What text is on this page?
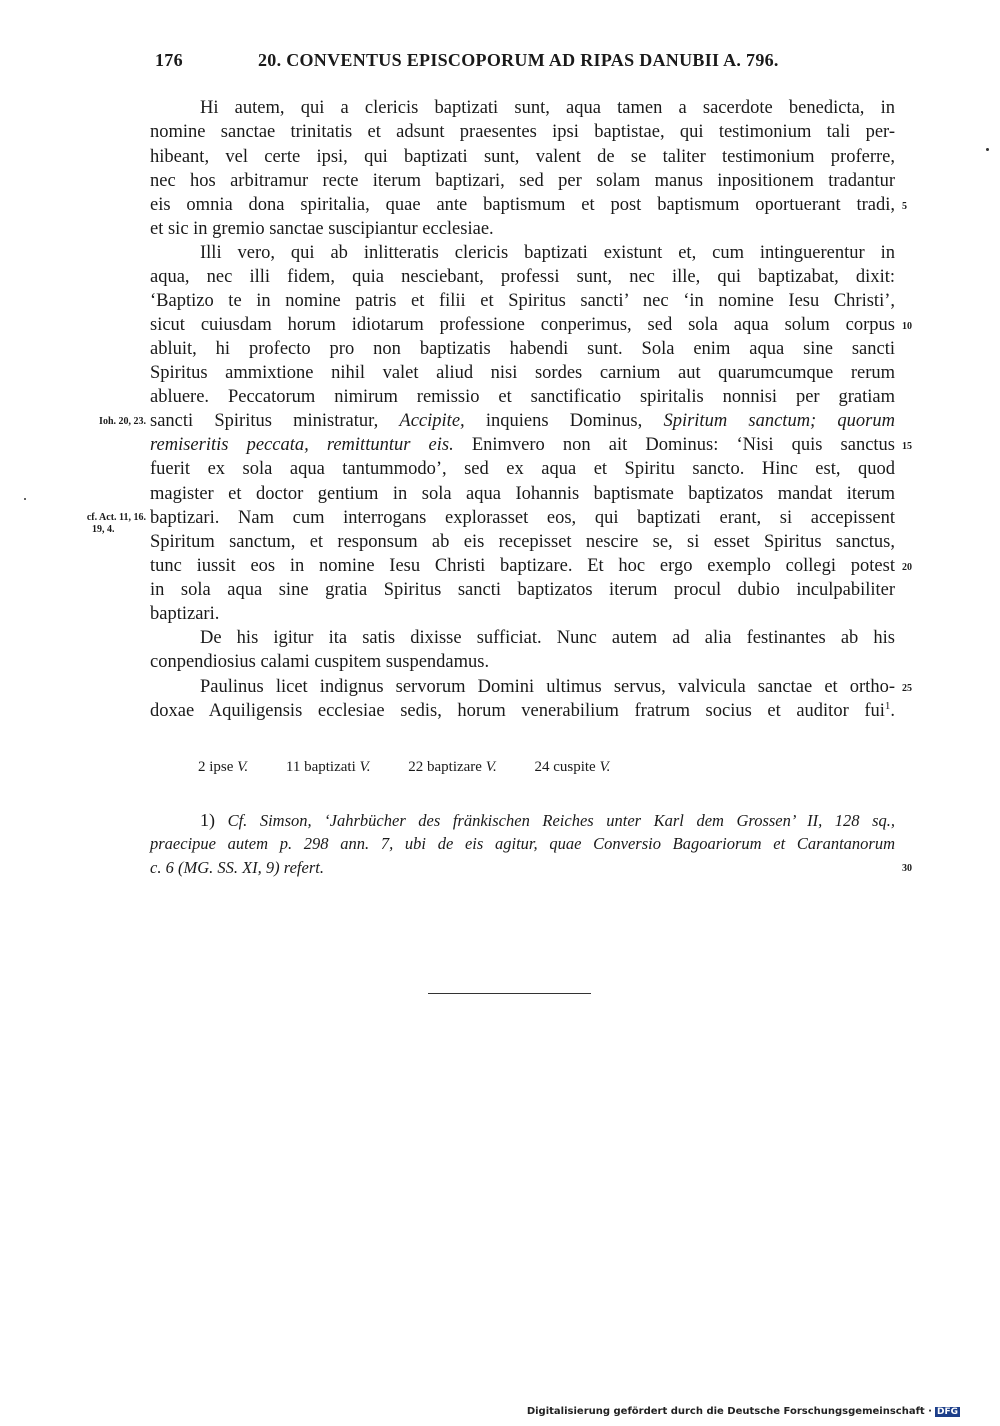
176	20. CONVENTUS EPISCOPORUM AD RIPAS DANUBII A. 796.
Hi autem, qui a clericis baptizati sunt, aqua tamen a sacerdote benedicta, in
nomine sanctae trinitatis et adsunt praesentes ipsi baptistae, qui testimonium tali per-
hibeant, vel certe ipsi, qui baptizati sunt, valent de se taliter testimonium proferre,
nec hos arbitramur recte iterum baptizari, sed per solam manus inpositionem tradantur
eis omnia dona spiritalia, quae ante baptismum et post baptismum oportuerant tradi,
et sic in gremio sanctae suscipiantur ecclesiae.
Illi vero, qui ab inlitteratis clericis baptizati existunt et, cum intinguerentur in
aqua, nec illi fidem, quia nesciebant, professi sunt, nec ille, qui baptizabat, dixit:
‘Baptizo te in nomine patris et filii et Spiritus sancti’ nec ‘in nomine Iesu Christi’,
sicut cuiusdam horum idiotarum professione conperimus, sed sola aqua solum corpus
abluit, hi profecto pro non baptizatis habendi sunt. Sola enim aqua sine sancti
Spiritus ammixtione nihil valet aliud nisi sordes carnium aut quarumcumque rerum
abluere. Peccatorum nimirum remissio et sanctificatio spiritalis nonnisi per gratiam
sancti Spiritus ministratur, Accipite, inquiens Dominus, Spiritum sanctum; quorum
remiseritis peccata, remittuntur eis. Enimvero non ait Dominus: ‘Nisi quis sanctus
fuerit ex sola aqua tantummodo’, sed ex aqua et Spiritu sancto. Hinc est, quod
magister et doctor gentium in sola aqua Iohannis baptismate baptizatos mandat iterum
baptizari. Nam cum interrogans explorasset eos, qui baptizati erant, si accepissent
Spiritum sanctum, et responsum ab eis recepisset nescire se, si esset Spiritus sanctus,
tunc iussit eos in nomine Iesu Christi baptizare. Et hoc ergo exemplo collegi potest
in sola aqua sine gratia Spiritus sancti baptizatos iterum procul dubio inculpabiliter
baptizari.
De his igitur ita satis dixisse sufficiat. Nunc autem ad alia festinantes ab his
conpendiosius calami cuspitem suspendamus.
Paulinus licet indignus servorum Domini ultimus servus, valvicula sanctae et ortho-
doxae Aquiligensis ecclesiae sedis, horum venerabilium fratrum socius et auditor fui$^1$.
5
10
15
20
25
30
Ioh. 20, 23.
cf. Act. 11, 16.
19, 4.
2 ipse V.	11 baptizati V.	22 baptizare V.	24 cuspite V.
1) Cf. Simson, ‘Jahrbücher des fränkischen Reiches unter Karl dem Grossen’ II, 128 sq.,
praecipue autem p. 298 ann. 7, ubi de eis agitur, quae Conversio Bagoariorum et Carantanorum
c. 6 (MG. SS. XI, 9) refert.
Digitalisierung gefördert durch die Deutsche Forschungsgemeinschaft · DFG
